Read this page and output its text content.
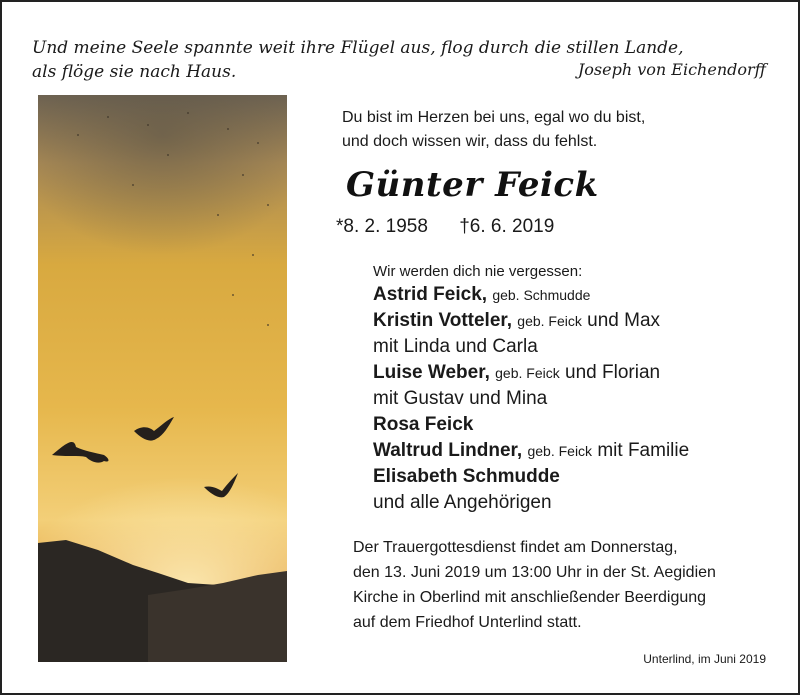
Und meine Seele spannte weit ihre Flügel aus, flog durch die stillen Lande,
als flöge sie nach Haus.	Joseph von Eichendorff
Du bist im Herzen bei uns, egal wo du bist,
und doch wissen wir, dass du fehlst.
Günter Feick
*8. 2. 1958 †6. 6. 2019
Wir werden dich nie vergessen:
Astrid Feick, geb. Schmudde
Kristin Votteler, geb. Feick und Max
mit Linda und Carla
Luise Weber, geb. Feick und Florian
mit Gustav und Mina
Rosa Feick
Waltrud Lindner, geb. Feick mit Familie
Elisabeth Schmudde
und alle Angehörigen
Der Trauergottesdienst findet am Donnerstag,
den 13. Juni 2019 um 13:00 Uhr in der St. Aegidien
Kirche in Oberlind mit anschließender Beerdigung
auf dem Friedhof Unterlind statt.
Unterlind, im Juni 2019
